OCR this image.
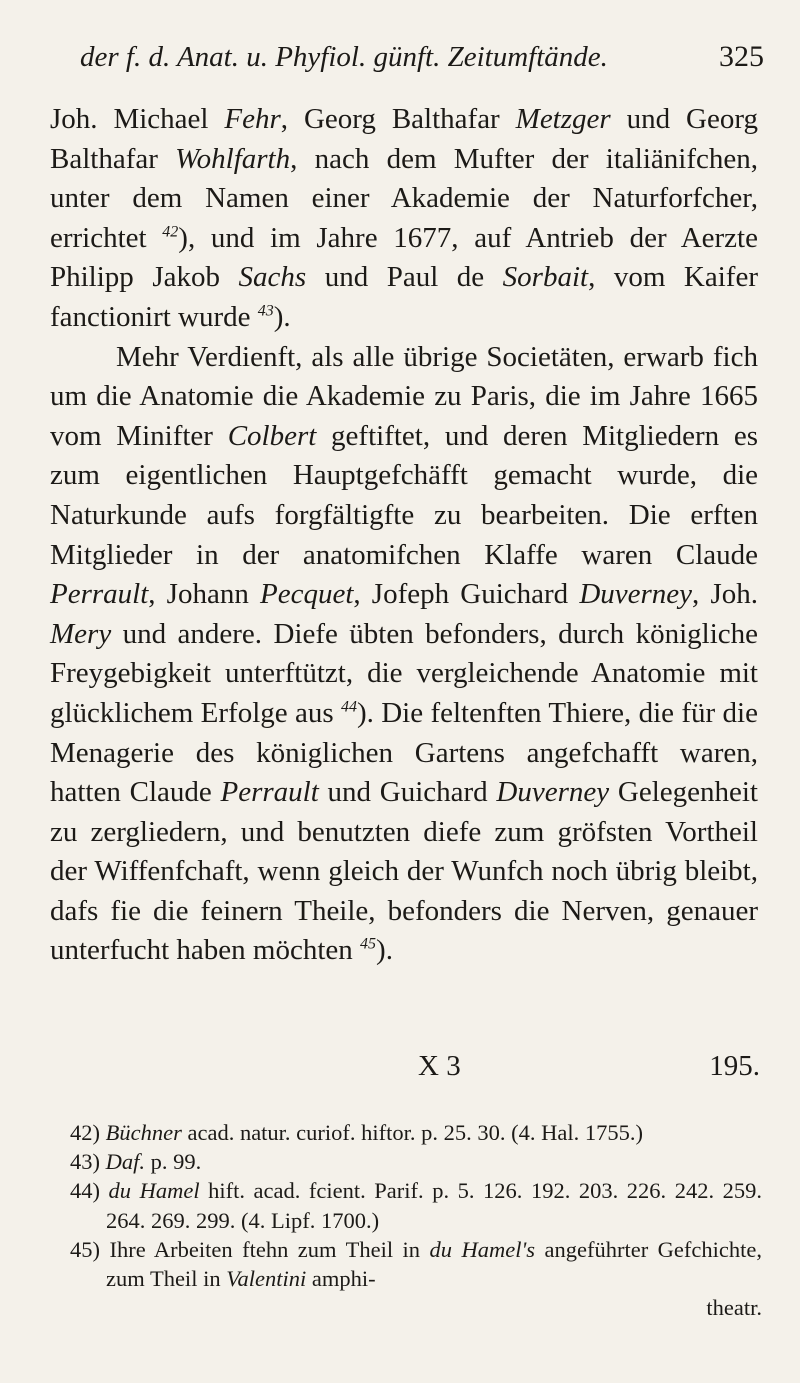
der f. d. Anat. u. Phyfiol. günft. Zeitumftände.	325

Joh. Michael Fehr, Georg Balthafar Metzger und Georg Balthafar Wohlfarth, nach dem Mufter der italiänifchen, unter dem Namen einer Akademie der Naturforfcher, errichtet $^{42}$), und im Jahre 1677, auf Antrieb der Aerzte Philipp Jakob Sachs und Paul de Sorbait, vom Kaifer fanctionirt wurde $^{43}$).

Mehr Verdienft, als alle übrige Societäten, erwarb fich um die Anatomie die Akademie zu Paris, die im Jahre 1665 vom Minifter Colbert geftiftet, und deren Mitgliedern es zum eigentlichen Hauptgefchäfft gemacht wurde, die Naturkunde aufs forgfältigfte zu bearbeiten. Die erften Mitglieder in der anatomifchen Klaffe waren Claude Perrault, Johann Pecquet, Jofeph Guichard Duverney, Joh. Mery und andere. Diefe übten befonders, durch königliche Freygebigkeit unterftützt, die vergleichende Anatomie mit glücklichem Erfolge aus $^{44}$). Die feltenften Thiere, die für die Menagerie des königlichen Gartens angefchafft waren, hatten Claude Perrault und Guichard Duverney Gelegenheit zu zergliedern, und benutzten diefe zum gröfsten Vortheil der Wiffenfchaft, wenn gleich der Wunfch noch übrig bleibt, dafs fie die feinern Theile, befonders die Nerven, genauer unterfucht haben möchten $^{45}$).

X 3	195.
42) Büchner acad. natur. curiof. hiftor. p. 25. 30. (4. Hal. 1755.)
43) Daf. p. 99.
44) du Hamel hift. acad. fcient. Parif. p. 5. 126. 192. 203. 226. 242. 259. 264. 269. 299. (4. Lipf. 1700.)
45) Ihre Arbeiten ftehn zum Theil in du Hamel's angeführter Gefchichte, zum Theil in Valentini amphi-
theatr.
